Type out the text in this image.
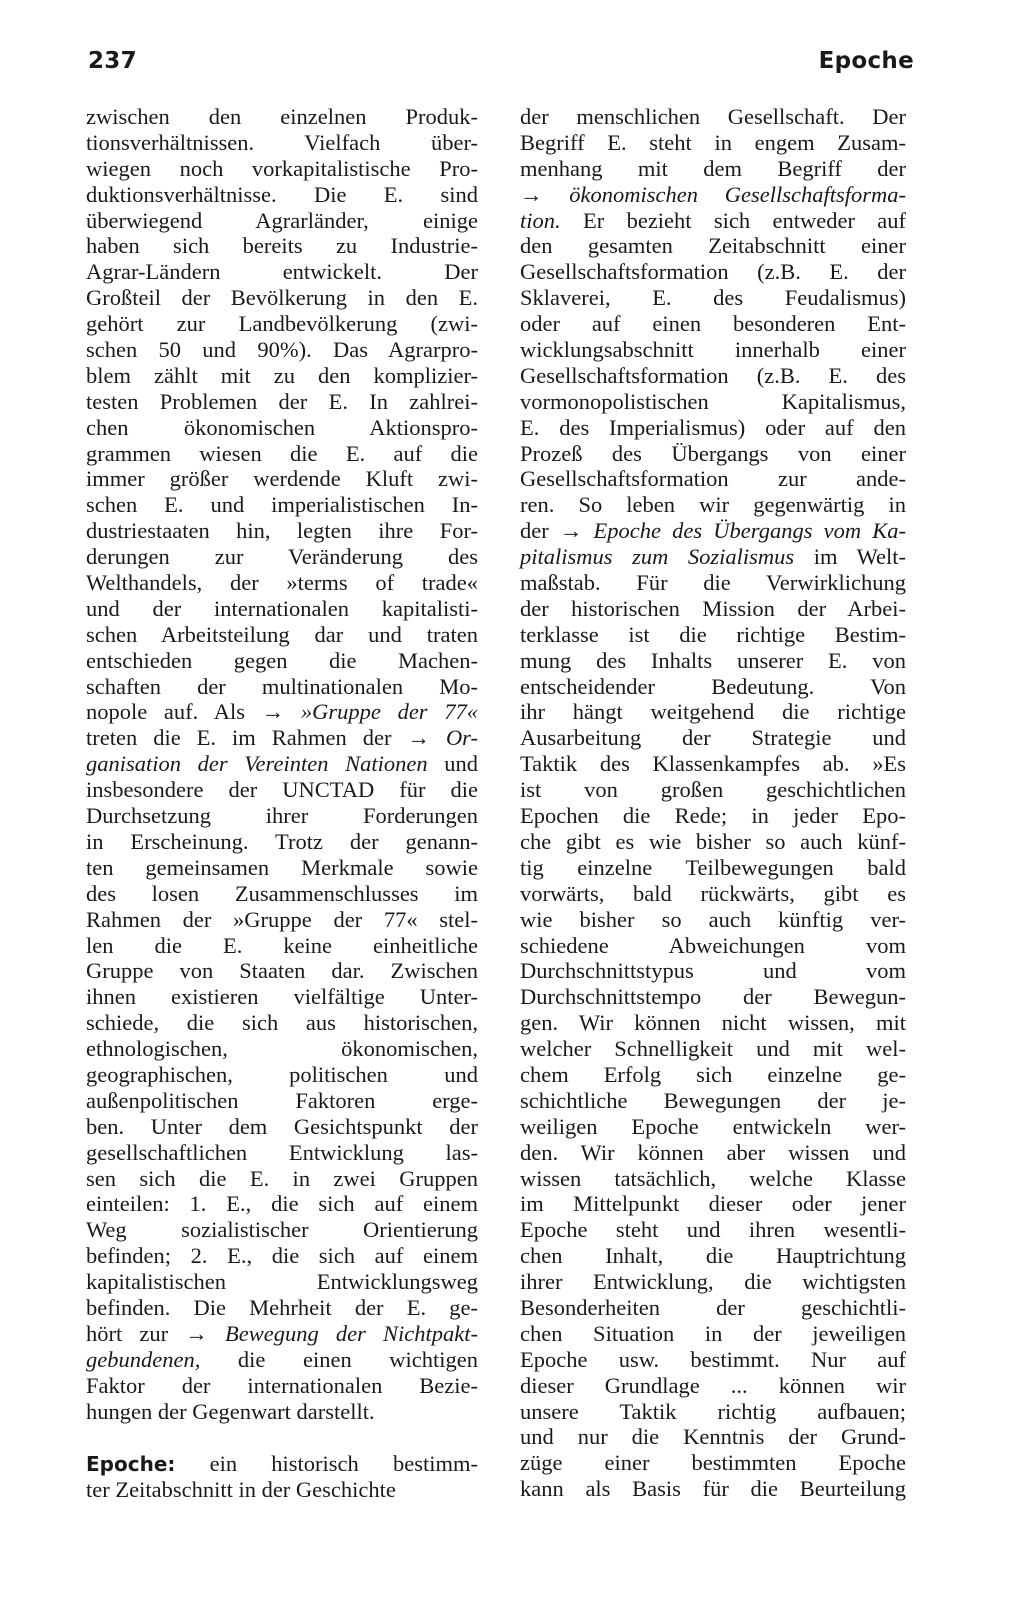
237	Epoche
zwischen den einzelnen Produk-
tionsverhältnissen. Vielfach über-
wiegen noch vorkapitalistische Pro-
duktionsverhältnisse. Die E. sind
überwiegend Agrarländer, einige
haben sich bereits zu Industrie-
Agrar-Ländern entwickelt. Der
Großteil der Bevölkerung in den E.
gehört zur Landbevölkerung (zwi-
schen 50 und 90%). Das Agrarpro-
blem zählt mit zu den komplizier-
testen Problemen der E. In zahlrei-
chen ökonomischen Aktionspro-
grammen wiesen die E. auf die
immer größer werdende Kluft zwi-
schen E. und imperialistischen In-
dustriestaaten hin, legten ihre For-
derungen zur Veränderung des
Welthandels, der »terms of trade«
und der internationalen kapitalisti-
schen Arbeitsteilung dar und traten
entschieden gegen die Machen-
schaften der multinationalen Mo-
nopole auf. Als → »Gruppe der 77«
treten die E. im Rahmen der → Or-
ganisation der Vereinten Nationen und
insbesondere der UNCTAD für die
Durchsetzung ihrer Forderungen
in Erscheinung. Trotz der genann-
ten gemeinsamen Merkmale sowie
des losen Zusammenschlusses im
Rahmen der »Gruppe der 77« stel-
len die E. keine einheitliche
Gruppe von Staaten dar. Zwischen
ihnen existieren vielfältige Unter-
schiede, die sich aus historischen,
ethnologischen, ökonomischen,
geographischen, politischen und
außenpolitischen Faktoren erge-
ben. Unter dem Gesichtspunkt der
gesellschaftlichen Entwicklung las-
sen sich die E. in zwei Gruppen
einteilen: 1. E., die sich auf einem
Weg sozialistischer Orientierung
befinden; 2. E., die sich auf einem
kapitalistischen Entwicklungsweg
befinden. Die Mehrheit der E. ge-
hört zur → Bewegung der Nichtpakt-
gebundenen, die einen wichtigen
Faktor der internationalen Bezie-
hungen der Gegenwart darstellt.
Epoche: ein historisch bestimm-
ter Zeitabschnitt in der Geschichte
der menschlichen Gesellschaft. Der
Begriff E. steht in engem Zusam-
menhang mit dem Begriff der
→ ökonomischen Gesellschaftsforma-
tion. Er bezieht sich entweder auf
den gesamten Zeitabschnitt einer
Gesellschaftsformation (z.B. E. der
Sklaverei, E. des Feudalismus)
oder auf einen besonderen Ent-
wicklungsabschnitt innerhalb einer
Gesellschaftsformation (z.B. E. des
vormonopolistischen Kapitalismus,
E. des Imperialismus) oder auf den
Prozeß des Übergangs von einer
Gesellschaftsformation zur ande-
ren. So leben wir gegenwärtig in
der → Epoche des Übergangs vom Ka-
pitalismus zum Sozialismus im Welt-
maßstab. Für die Verwirklichung
der historischen Mission der Arbei-
terklasse ist die richtige Bestim-
mung des Inhalts unserer E. von
entscheidender Bedeutung. Von
ihr hängt weitgehend die richtige
Ausarbeitung der Strategie und
Taktik des Klassenkampfes ab. »Es
ist von großen geschichtlichen
Epochen die Rede; in jeder Epo-
che gibt es wie bisher so auch künf-
tig einzelne Teilbewegungen bald
vorwärts, bald rückwärts, gibt es
wie bisher so auch künftig ver-
schiedene Abweichungen vom
Durchschnittstypus und vom
Durchschnittstempo der Bewegun-
gen. Wir können nicht wissen, mit
welcher Schnelligkeit und mit wel-
chem Erfolg sich einzelne ge-
schichtliche Bewegungen der je-
weiligen Epoche entwickeln wer-
den. Wir können aber wissen und
wissen tatsächlich, welche Klasse
im Mittelpunkt dieser oder jener
Epoche steht und ihren wesentli-
chen Inhalt, die Hauptrichtung
ihrer Entwicklung, die wichtigsten
Besonderheiten der geschichtli-
chen Situation in der jeweiligen
Epoche usw. bestimmt. Nur auf
dieser Grundlage ... können wir
unsere Taktik richtig aufbauen;
und nur die Kenntnis der Grund-
züge einer bestimmten Epoche
kann als Basis für die Beurteilung
